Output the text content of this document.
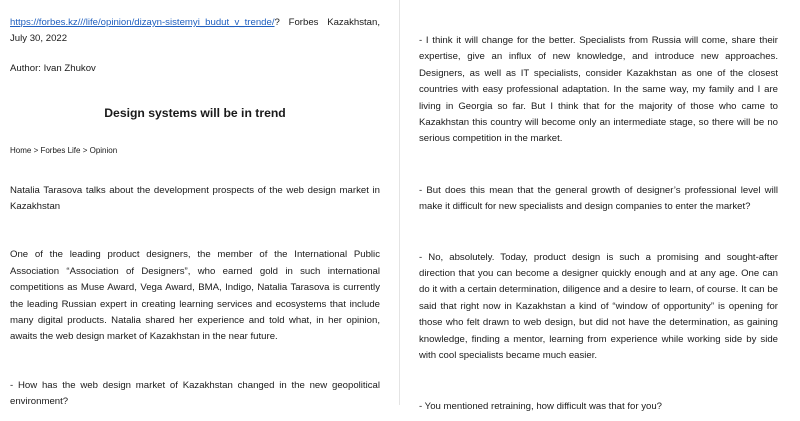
https://forbes.kz///life/opinion/dizayn-sistemyi_budut_v_trende/? Forbes Kazakhstan, July 30, 2022

Author: Ivan Zhukov

Design systems will be in trend

Home > Forbes Life > Opinion

Natalia Tarasova talks about the development prospects of the web design market in Kazakhstan

One of the leading product designers, the member of the International Public Association “Association of Designers”, who earned gold in such international competitions as Muse Award, Vega Award, BMA, Indigo, Natalia Tarasova is currently the leading Russian expert in creating learning services and ecosystems that include many digital products. Natalia shared her experience and told what, in her opinion, awaits the web design market of Kazakhstan in the near future.

- How has the web design market of Kazakhstan changed in the new geopolitical environment?

- I think it will change for the better. Specialists from Russia will come, share their expertise, give an influx of new knowledge, and introduce new approaches. Designers, as well as IT specialists, consider Kazakhstan as one of the closest countries with easy professional adaptation. In the same way, my family and I are living in Georgia so far. But I think that for the majority of those who came to Kazakhstan this country will become only an intermediate stage, so there will be no serious competition in the market.

- But does this mean that the general growth of designer’s professional level will make it difficult for new specialists and design companies to enter the market?

- No, absolutely. Today, product design is such a promising and sought-after direction that you can become a designer quickly enough and at any age. One can do it with a certain determination, diligence and a desire to learn, of course. It can be said that right now in Kazakhstan a kind of “window of opportunity” is opening for those who felt drawn to web design, but did not have the determination, as gaining knowledge, finding a mentor, learning from experience while working side by side with cool specialists became much easier.

- You mentioned retraining, how difficult was that for you?
